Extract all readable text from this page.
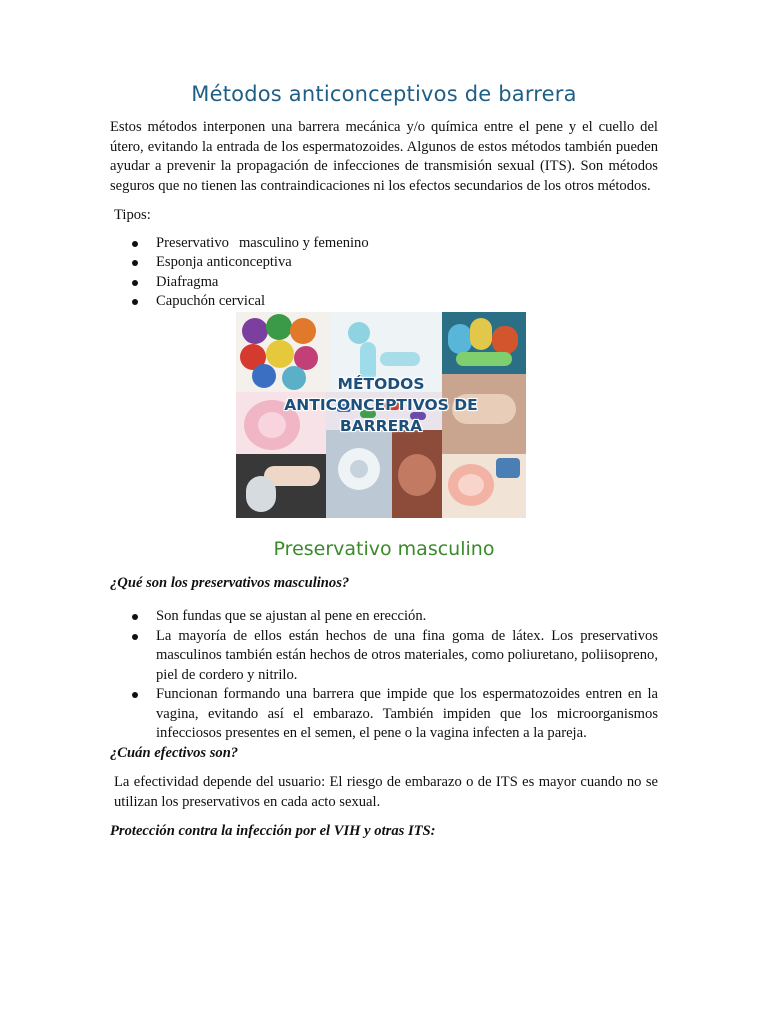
Métodos anticonceptivos de barrera

Estos métodos interponen una barrera mecánica y/o química entre el pene y el cuello del útero, evitando la entrada de los espermatozoides. Algunos de estos métodos también pueden ayudar a prevenir la propagación de infecciones de transmisión sexual (ITS). Son métodos seguros que no tienen las contraindicaciones ni los efectos secundarios de los otros métodos.

Tipos:

Preservativo masculino y femenino
Esponja anticonceptiva
Diafragma
Capuchón cervical
MÉTODOS
ANTICONCEPTIVOS DE
BARRERA
Preservativo masculino

¿Qué son los preservativos masculinos?

Son fundas que se ajustan al pene en erección.
La mayoría de ellos están hechos de una fina goma de látex. Los preservativos masculinos también están hechos de otros materiales, como poliuretano, poliisopreno, piel de cordero y nitrilo.
Funcionan formando una barrera que impide que los espermatozoides entren en la vagina, evitando así el embarazo. También impiden que los microorganismos infecciosos presentes en el semen, el pene o la vagina infecten a la pareja.

¿Cuán efectivos son?

La efectividad depende del usuario: El riesgo de embarazo o de ITS es mayor cuando no se utilizan los preservativos en cada acto sexual.

Protección contra la infección por el VIH y otras ITS:
